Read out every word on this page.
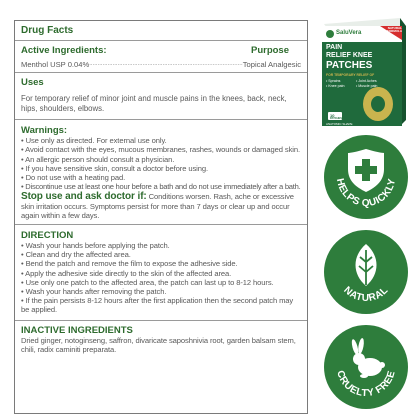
Drug Facts
Active Ingredients:	Purpose
Menthol USP 0.04% ............................................................................................ Topical Analgesic
Uses
For temporary relief of minor joint and muscle pains in the knees, back, neck, hips, shoulders, elbows.
Warnings:
• Use only as directed. For external use only.
• Avoid contact with the eyes, mucous membranes, rashes, wounds or damaged skin.
• An allergic person should consult a physician.
• If you have sensitive skin, consult a doctor before using.
• Do not use with a heating pad.
• Discontinue use at least one hour before a bath and do not use immediately after a bath.
Stop use and ask doctor if: Conditions worsen. Rash, ache or excessive skin irritation occurs. Symptoms persist for more than 7 days or clear up and occur again within a few days.
DIRECTION
• Wash your hands before applying the patch.
• Clean and dry the affected area.
• Bend the patch and remove the film to expose the adhesive side.
• Apply the adhesive side directly to the skin of the affected area.
• Use only one patch to the affected area, the patch can last up to 8-12 hours.
• Wash your hands after removing the patch.
• If the pain persists 8-12 hours after the first application then the second patch may be applied.
INACTIVE INGREDIENTS
Dried ginger, notoginseng, saffron, divaricate saposhnivia root, garden balsam stem, chili, radix caminiti preparata.
SaluVera
NATURAL FORMULA
PAIN
RELIEF KNEE
PATCHES
FOR TEMPORARY RELIEF OF
• Sprains	• Joint Aches
• Knee pain	• Muscle pain
10
PATCHES
ANATOMIC SHAPE
HELPS QUICKLY
NATURAL
CRUELTY FREE
